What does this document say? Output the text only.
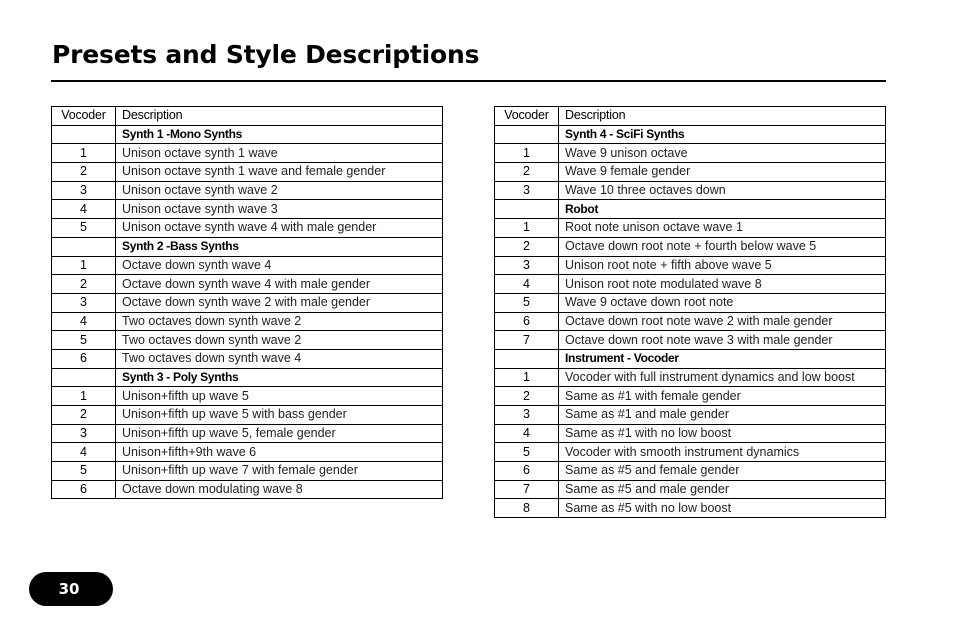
Presets and Style Descriptions
Vocoder	Description
	Synth 1 -Mono Synths
1	Unison octave synth 1 wave
2	Unison octave synth 1 wave and female gender
3	Unison octave synth wave 2
4	Unison octave synth wave 3
5	Unison octave synth wave 4 with male gender
	Synth 2 -Bass Synths
1	Octave down synth wave 4
2	Octave down synth wave 4 with male gender
3	Octave down synth wave 2 with male gender
4	Two octaves down synth wave 2
5	Two octaves down synth wave 2
6	Two octaves down synth wave 4
	Synth 3 - Poly Synths
1	Unison+fifth up wave 5
2	Unison+fifth up wave 5 with bass gender
3	Unison+fifth up wave 5, female gender
4	Unison+fifth+9th wave 6
5	Unison+fifth up wave 7 with female gender
6	Octave down modulating wave 8
Vocoder	Description
	Synth 4 - SciFi Synths
1	Wave 9 unison octave
2	Wave 9 female gender
3	Wave 10 three octaves down
	Robot
1	Root note unison octave wave 1
2	Octave down root note + fourth below wave 5
3	Unison root note + fifth above wave 5
4	Unison root note modulated wave 8
5	Wave 9 octave down root note
6	Octave down root note wave 2 with male gender
7	Octave down root note wave 3 with male gender
	Instrument - Vocoder
1	Vocoder with full instrument dynamics and low boost
2	Same as #1 with female gender
3	Same as #1 and male gender
4	Same as #1 with no low boost
5	Vocoder with smooth instrument dynamics
6	Same as #5 and female gender
7	Same as #5 and male gender
8	Same as #5 with no low boost
30
